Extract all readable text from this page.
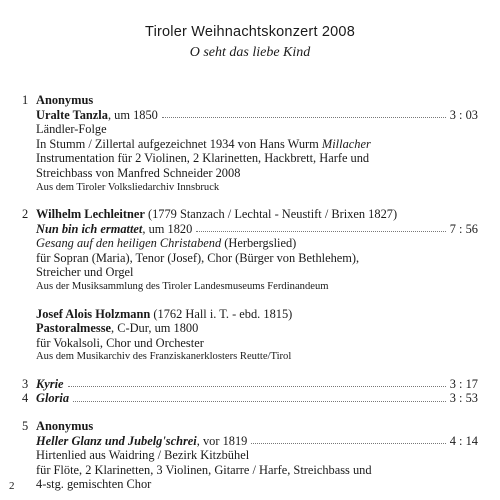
Tiroler Weihnachtskonzert 2008
O seht das liebe Kind
1 Anonymus
Uralte Tanzla, um 1850	3 : 03
Ländler-Folge
In Stumm / Zillertal aufgezeichnet 1934 von Hans Wurm Millacher
Instrumentation für 2 Violinen, 2 Klarinetten, Hackbrett, Harfe und
Streichbass von Manfred Schneider 2008
Aus dem Tiroler Volksliedarchiv Innsbruck
2 Wilhelm Lechleitner (1779 Stanzach / Lechtal - Neustift / Brixen 1827)
Nun bin ich ermattet, um 1820	7 : 56
Gesang auf den heiligen Christabend (Herbergslied)
für Sopran (Maria), Tenor (Josef), Chor (Bürger von Bethlehem),
Streicher und Orgel
Aus der Musiksammlung des Tiroler Landesmuseums Ferdinandeum
Josef Alois Holzmann (1762 Hall i. T. - ebd. 1815)
Pastoralmesse, C-Dur, um 1800
für Vokalsoli, Chor und Orchester
Aus dem Musikarchiv des Franziskanerklosters Reutte/Tirol
3 Kyrie	3 : 17
4 Gloria	3 : 53
5 Anonymus
Heller Glanz und Jubelg'schrei, vor 1819	4 : 14
Hirtenlied aus Waidring / Bezirk Kitzbühel
für Flöte, 2 Klarinetten, 3 Violinen, Gitarre / Harfe, Streichbass und
4-stg. gemischten Chor
2
